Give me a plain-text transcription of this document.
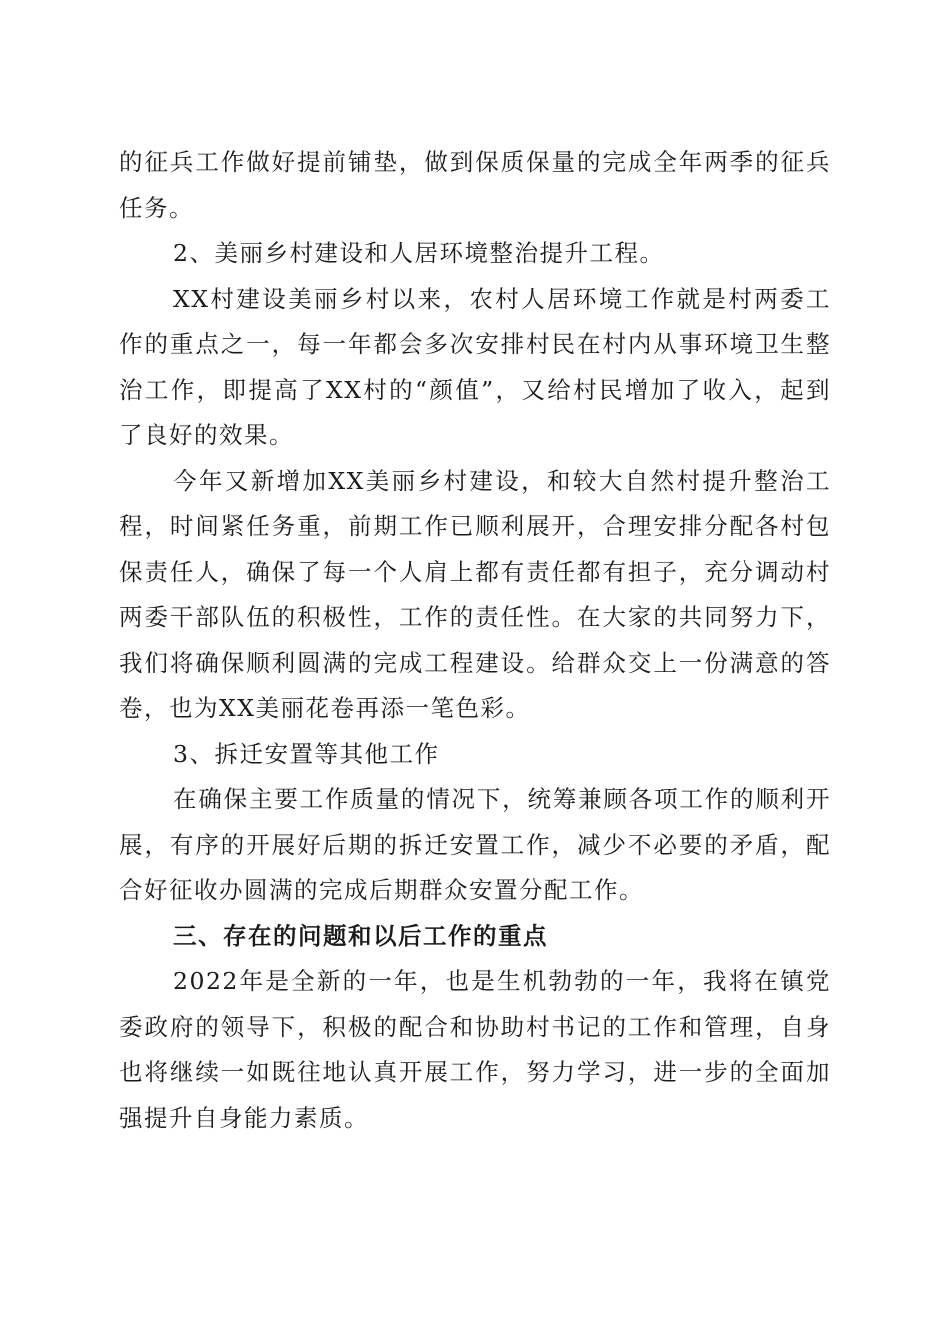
的征兵工作做好提前铺垫，做到保质保量的完成全年两季的征兵任务。

2、美丽乡村建设和人居环境整治提升工程。

XX村建设美丽乡村以来，农村人居环境工作就是村两委工作的重点之一，每一年都会多次安排村民在村内从事环境卫生整治工作，即提高了XX村的“颜值”，又给村民增加了收入，起到了良好的效果。

今年又新增加XX美丽乡村建设，和较大自然村提升整治工程，时间紧任务重，前期工作已顺利展开，合理安排分配各村包保责任人，确保了每一个人肩上都有责任都有担子，充分调动村两委干部队伍的积极性，工作的责任性。在大家的共同努力下，我们将确保顺利圆满的完成工程建设。给群众交上一份满意的答卷，也为XX美丽花卷再添一笔色彩。

3、拆迁安置等其他工作

在确保主要工作质量的情况下，统筹兼顾各项工作的顺利开展，有序的开展好后期的拆迁安置工作，减少不必要的矛盾，配合好征收办圆满的完成后期群众安置分配工作。

三、存在的问题和以后工作的重点

2022年是全新的一年，也是生机勃勃的一年，我将在镇党委政府的领导下，积极的配合和协助村书记的工作和管理，自身也将继续一如既往地认真开展工作，努力学习，进一步的全面加强提升自身能力素质。
